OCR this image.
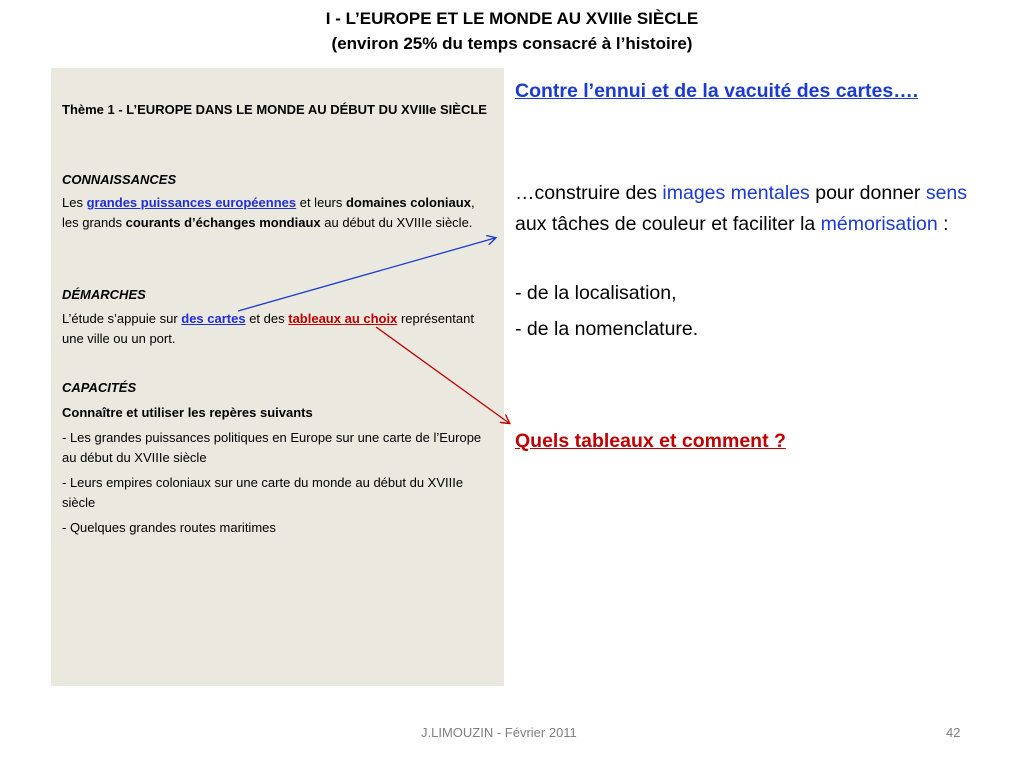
I - L’EUROPE ET LE MONDE AU XVIIIe SIÈCLE
(environ 25% du temps consacré à l’histoire)
Thème 1 - L’EUROPE DANS LE MONDE AU DÉBUT DU XVIIIe SIÈCLE
CONNAISSANCES
Les grandes puissances européennes et leurs domaines coloniaux, les grands courants d’échanges mondiaux au début du XVIIIe siècle.
DÉMARCHES
L’étude s’appuie sur des cartes et des tableaux au choix représentant une ville ou un port.
CAPACITÉS
Connaître et utiliser les repères suivants
- Les grandes puissances politiques en Europe sur une carte de l’Europe au début du XVIIIe siècle
- Leurs empires coloniaux sur une carte du monde au début du XVIIIe siècle
- Quelques grandes routes maritimes
Contre l’ennui et de la vacuité des cartes….
…construire des images mentales pour donner sens aux tâches de couleur et faciliter la mémorisation :
- de la localisation,
- de la nomenclature.
Quels tableaux et comment ?
J.LIMOUZIN - Février 2011	42
